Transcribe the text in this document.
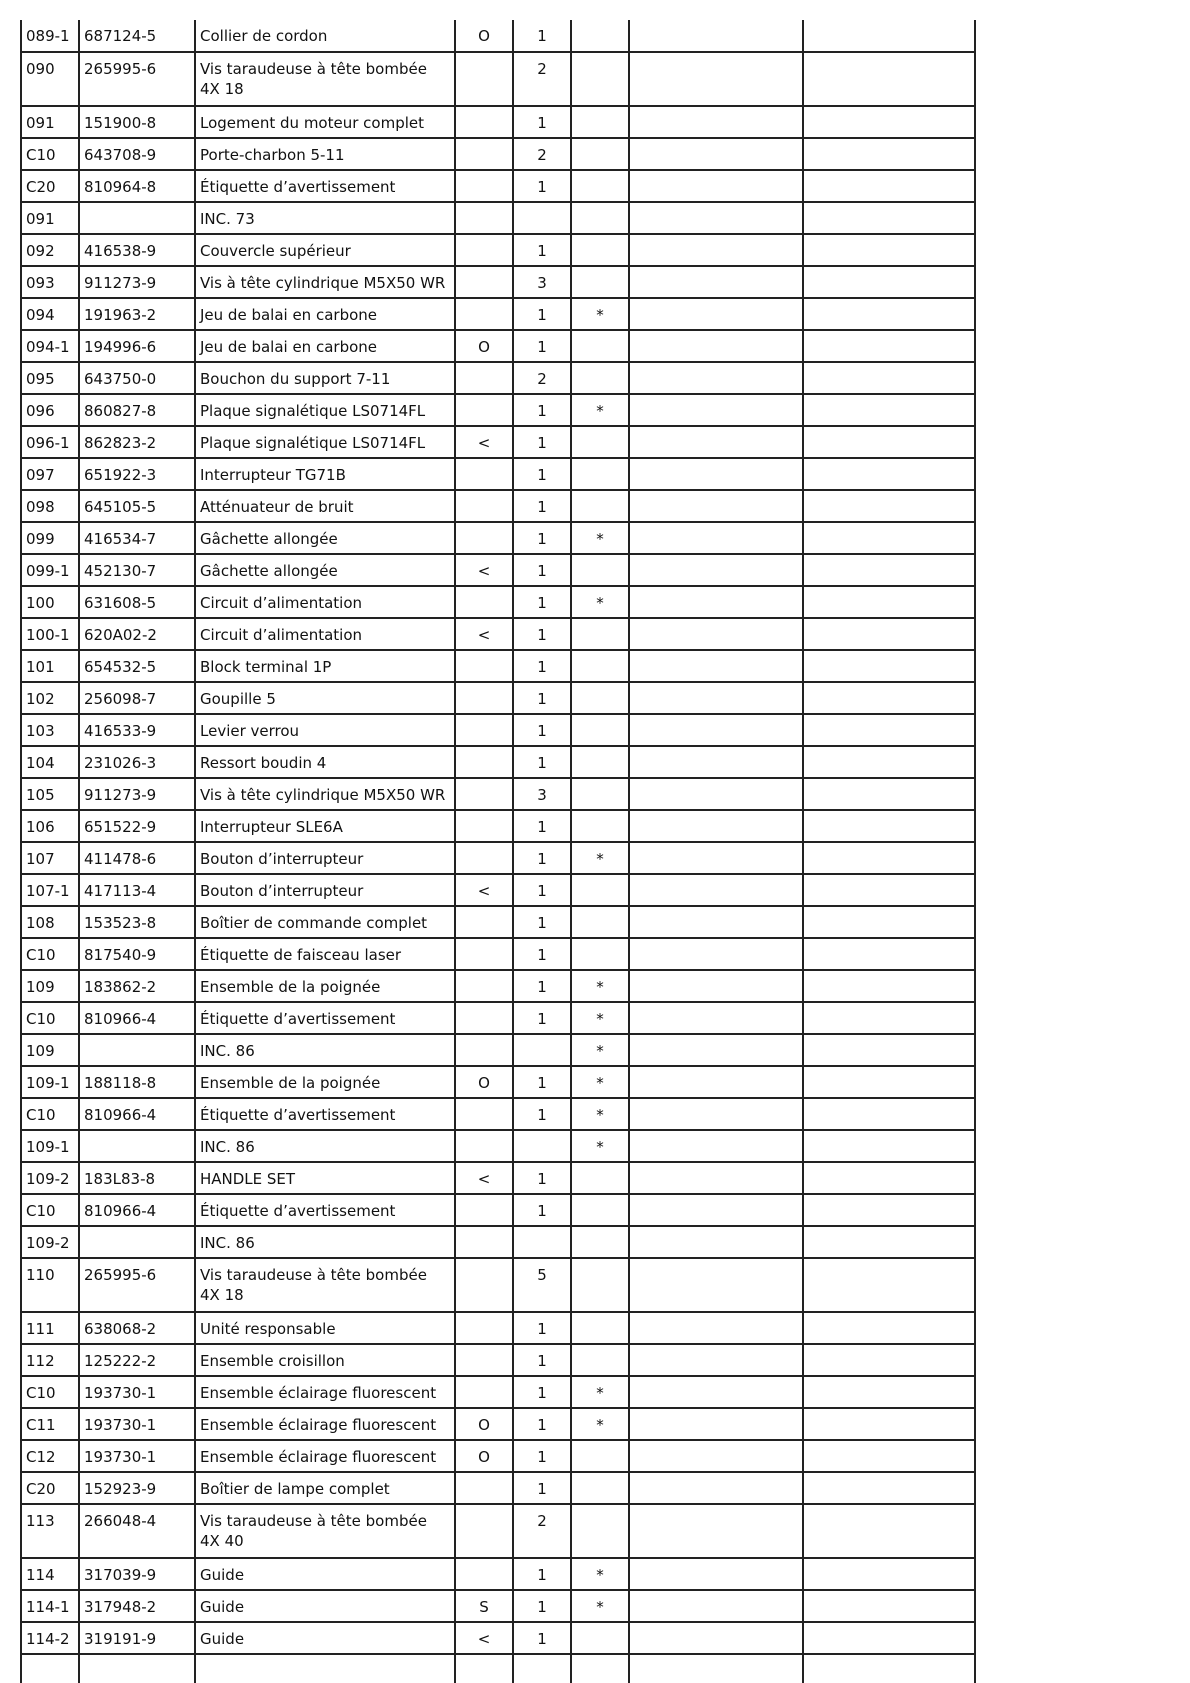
089-1	687124-5	Collier de cordon	O	1			
090	265995-6	Vis taraudeuse à tête bombée 4X 18		2			
091	151900-8	Logement du moteur complet		1			
C10	643708-9	Porte-charbon 5-11		2			
C20	810964-8	Étiquette d’avertissement		1			
091		INC. 73					
092	416538-9	Couvercle supérieur		1			
093	911273-9	Vis à tête cylindrique M5X50 WR		3			
094	191963-2	Jeu de balai en carbone		1	*		
094-1	194996-6	Jeu de balai en carbone	O	1			
095	643750-0	Bouchon du support 7-11		2			
096	860827-8	Plaque signalétique LS0714FL		1	*		
096-1	862823-2	Plaque signalétique LS0714FL	<	1			
097	651922-3	Interrupteur TG71B		1			
098	645105-5	Atténuateur de bruit		1			
099	416534-7	Gâchette allongée		1	*		
099-1	452130-7	Gâchette allongée	<	1			
100	631608-5	Circuit d’alimentation		1	*		
100-1	620A02-2	Circuit d’alimentation	<	1			
101	654532-5	Block terminal 1P		1			
102	256098-7	Goupille 5		1			
103	416533-9	Levier verrou		1			
104	231026-3	Ressort boudin 4		1			
105	911273-9	Vis à tête cylindrique M5X50 WR		3			
106	651522-9	Interrupteur SLE6A		1			
107	411478-6	Bouton d’interrupteur		1	*		
107-1	417113-4	Bouton d’interrupteur	<	1			
108	153523-8	Boîtier de commande complet		1			
C10	817540-9	Étiquette de faisceau laser		1			
109	183862-2	Ensemble de la poignée		1	*		
C10	810966-4	Étiquette d’avertissement		1	*		
109		INC. 86			*		
109-1	188118-8	Ensemble de la poignée	O	1	*		
C10	810966-4	Étiquette d’avertissement		1	*		
109-1		INC. 86			*		
109-2	183L83-8	HANDLE SET	<	1			
C10	810966-4	Étiquette d’avertissement		1			
109-2		INC. 86					
110	265995-6	Vis taraudeuse à tête bombée 4X 18		5			
111	638068-2	Unité responsable		1			
112	125222-2	Ensemble croisillon		1			
C10	193730-1	Ensemble éclairage fluorescent		1	*		
C11	193730-1	Ensemble éclairage fluorescent	O	1	*		
C12	193730-1	Ensemble éclairage fluorescent	O	1			
C20	152923-9	Boîtier de lampe complet		1			
113	266048-4	Vis taraudeuse à tête bombée 4X 40		2			
114	317039-9	Guide		1	*		
114-1	317948-2	Guide	S	1	*		
114-2	319191-9	Guide	<	1			
